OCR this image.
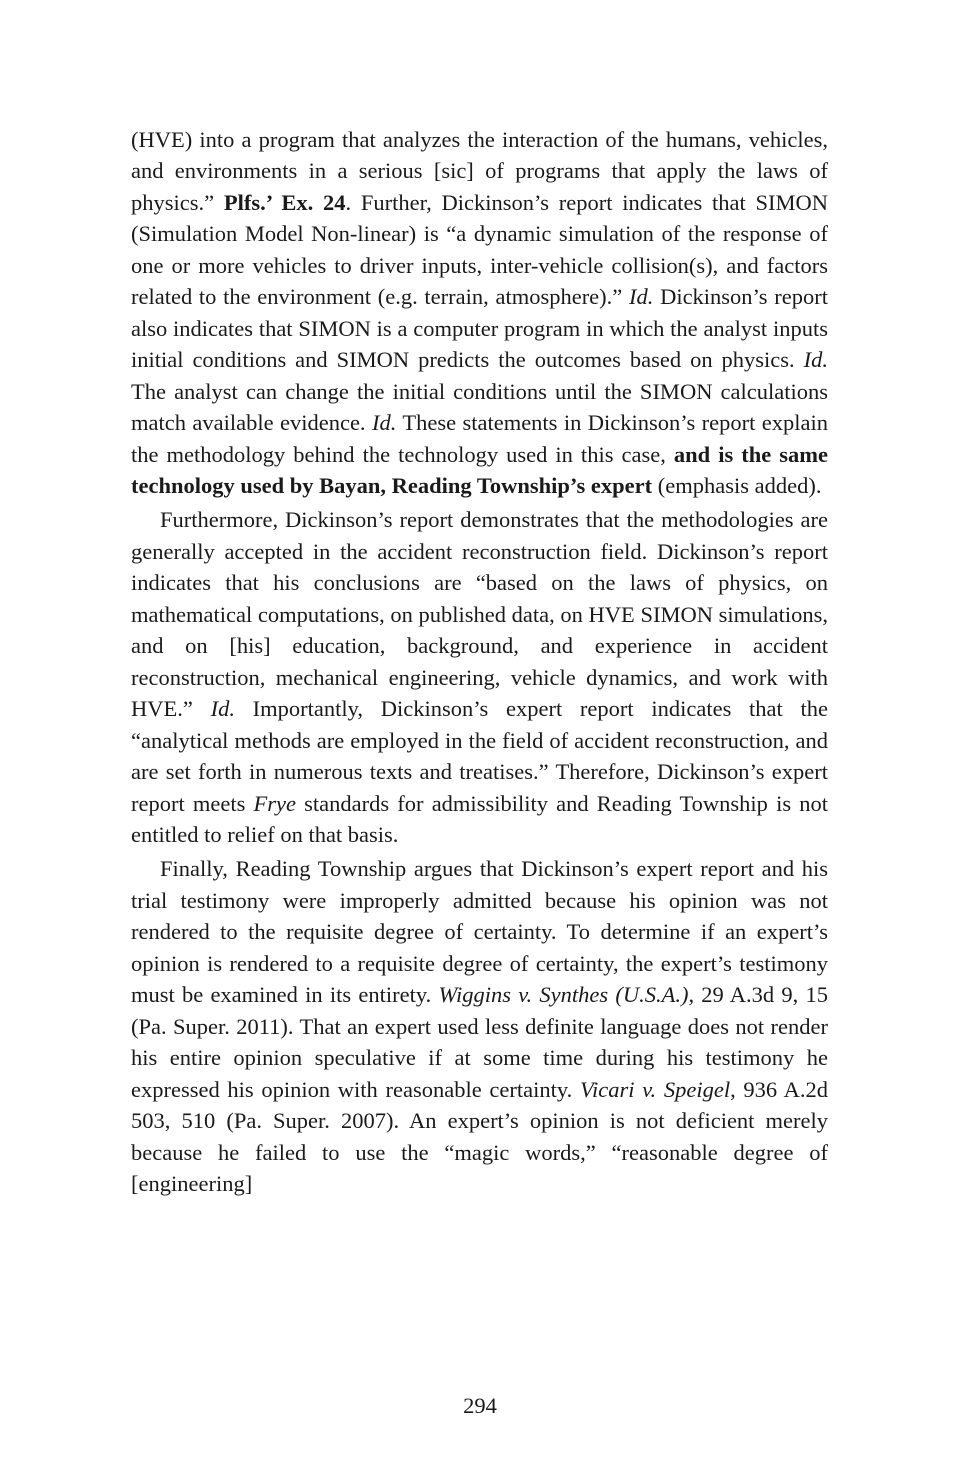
(HVE) into a program that analyzes the interaction of the humans, vehicles, and environments in a serious [sic] of programs that apply the laws of physics.” Plfs.’ Ex. 24. Further, Dickinson’s report indicates that SIMON (Simulation Model Non-linear) is “a dynamic simulation of the response of one or more vehicles to driver inputs, inter-vehicle collision(s), and factors related to the environment (e.g. terrain, atmosphere).” Id. Dickinson’s report also indicates that SIMON is a computer program in which the analyst inputs initial conditions and SIMON predicts the outcomes based on physics. Id. The analyst can change the initial conditions until the SIMON calculations match available evidence. Id. These statements in Dickinson’s report explain the methodology behind the technology used in this case, and is the same technology used by Bayan, Reading Township’s expert (emphasis added).

Furthermore, Dickinson’s report demonstrates that the methodologies are generally accepted in the accident reconstruction field. Dickinson’s report indicates that his conclusions are “based on the laws of physics, on mathematical computations, on published data, on HVE SIMON simulations, and on [his] education, background, and experience in accident reconstruction, mechanical engineering, vehicle dynamics, and work with HVE.” Id. Importantly, Dickinson’s expert report indicates that the “analytical methods are employed in the field of accident reconstruction, and are set forth in numerous texts and treatises.” Therefore, Dickinson’s expert report meets Frye standards for admissibility and Reading Township is not entitled to relief on that basis.

Finally, Reading Township argues that Dickinson’s expert report and his trial testimony were improperly admitted because his opinion was not rendered to the requisite degree of certainty. To determine if an expert’s opinion is rendered to a requisite degree of certainty, the expert’s testimony must be examined in its entirety. Wiggins v. Synthes (U.S.A.), 29 A.3d 9, 15 (Pa. Super. 2011). That an expert used less definite language does not render his entire opinion speculative if at some time during his testimony he expressed his opinion with reasonable certainty. Vicari v. Speigel, 936 A.2d 503, 510 (Pa. Super. 2007). An expert’s opinion is not deficient merely because he failed to use the “magic words,” “reasonable degree of [engineering]

294
